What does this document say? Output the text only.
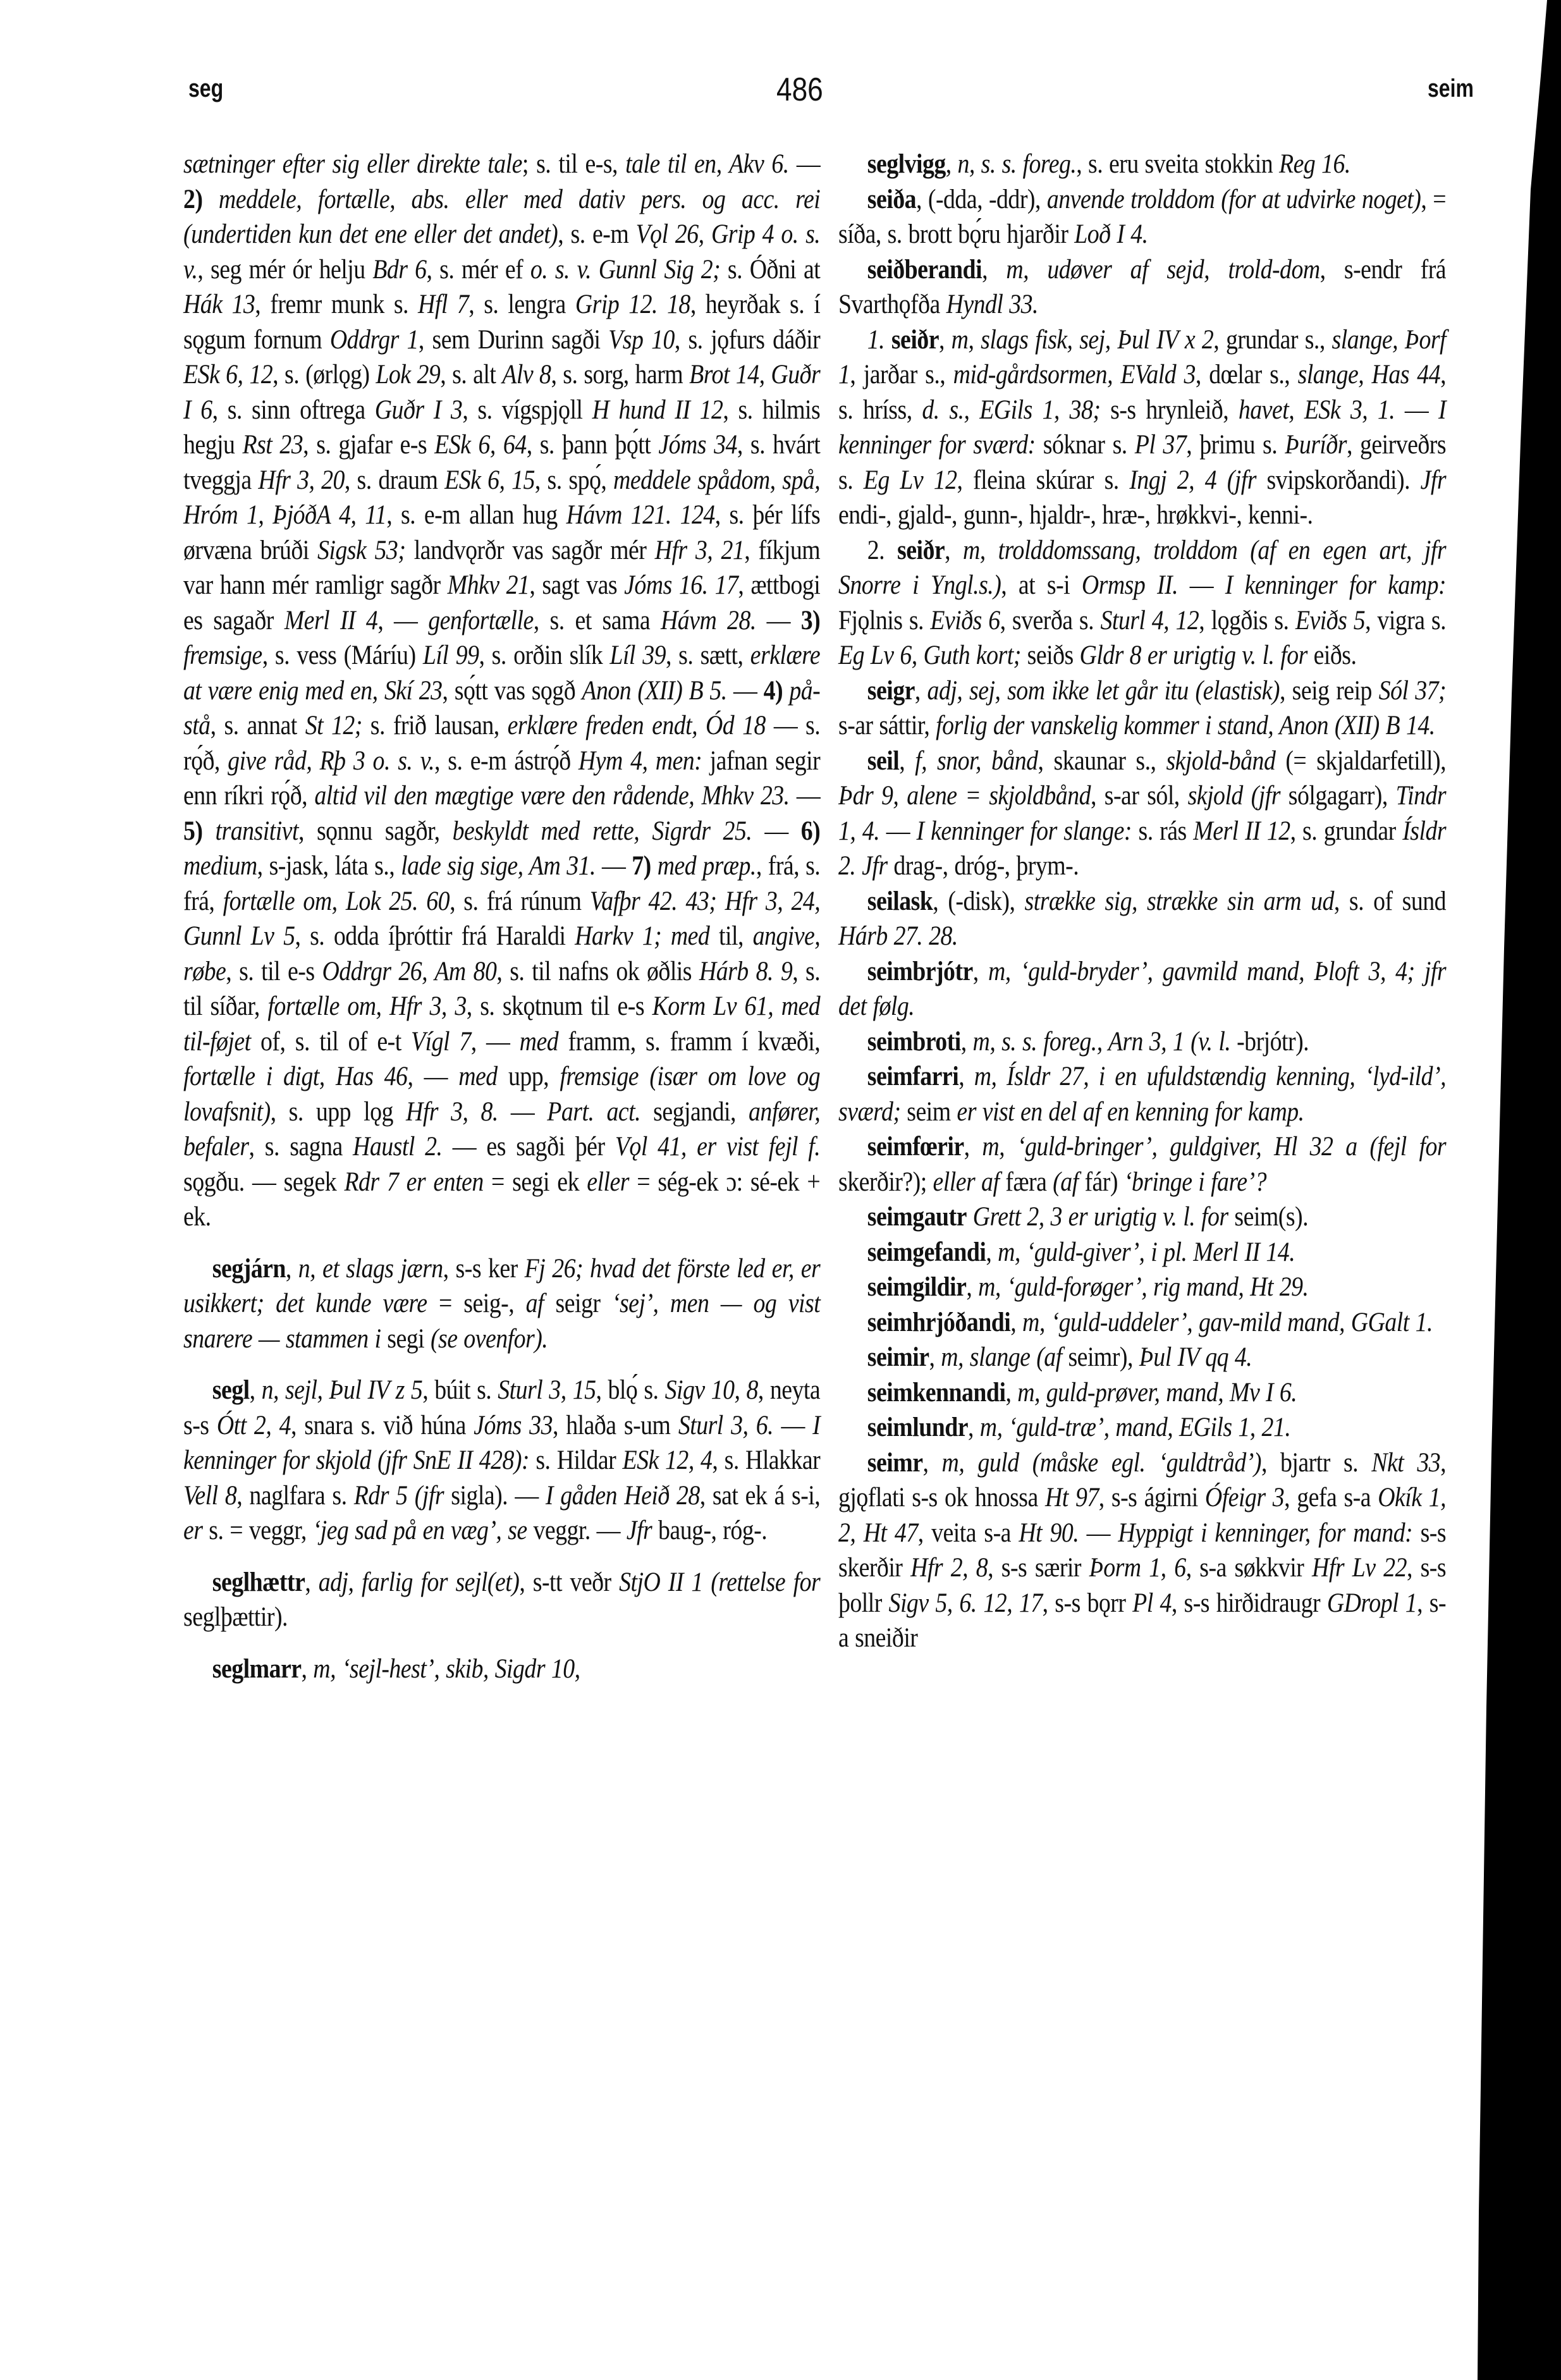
seg	486	seim

sætninger efter sig eller direkte tale; s. til e-s, tale til en, Akv 6. — 2) meddele, fortælle, abs. eller med dativ pers. og acc. rei (undertiden kun det ene eller det andet), s. e-m Vǫl 26, Grip 4 o. s. v., seg mér ór helju Bdr 6, s. mér ef o. s. v. Gunnl Sig 2; s. Óðni at Hák 13, fremr munk s. Hfl 7, s. lengra Grip 12. 18, heyrðak s. í sǫgum fornum Oddrgr 1, sem Durinn sagði Vsp 10, s. jǫfurs dáðir ESk 6, 12, s. (ørlǫg) Lok 29, s. alt Alv 8, s. sorg, harm Brot 14, Guðr I 6, s. sinn oftrega Guðr I 3, s. vígspjǫll H hund II 12, s. hilmis hegju Rst 23, s. gjafar e-s ESk 6, 64, s. þann þǫ́tt Jóms 34, s. hvárt tveggja Hfr 3, 20, s. draum ESk 6, 15, s. spǫ́, meddele spådom, spå, Hróm 1, ÞjóðA 4, 11, s. e-m allan hug Hávm 121. 124, s. þér lífs ørvæna brúði Sigsk 53; landvǫrðr vas sagðr mér Hfr 3, 21, fíkjum var hann mér ramligr sagðr Mhkv 21, sagt vas Jóms 16. 17, ættbogi es sagaðr Merl II 4, — genfortælle, s. et sama Hávm 28. — 3) fremsige, s. vess (Máríu) Líl 99, s. orðin slík Líl 39, s. sætt, erklære at være enig med en, Skí 23, sǫ́tt vas sǫgð Anon (XII) B 5. — 4) på-stå, s. annat St 12; s. frið lausan, erklære freden endt, Ód 18 — s. rǫ́ð, give råd, Rþ 3 o. s. v., s. e-m ástrǫ́ð Hym 4, men: jafnan segir enn ríkri rǫ́ð, altid vil den mægtige være den rådende, Mhkv 23. — 5) transitivt, sǫnnu sagðr, beskyldt med rette, Sigrdr 25. — 6) medium, s-jask, láta s., lade sig sige, Am 31. — 7) med præp., frá, s. frá, fortælle om, Lok 25. 60, s. frá rúnum Vafþr 42. 43; Hfr 3, 24, Gunnl Lv 5, s. odda íþróttir frá Haraldi Harkv 1; med til, angive, røbe, s. til e-s Oddrgr 26, Am 80, s. til nafns ok øðlis Hárb 8. 9, s. til síðar, fortælle om, Hfr 3, 3, s. skǫtnum til e-s Korm Lv 61, med til-føjet of, s. til of e-t Vígl 7, — med framm, s. framm í kvæði, fortælle i digt, Has 46, — med upp, fremsige (især om love og lovafsnit), s. upp lǫg Hfr 3, 8. — Part. act. segjandi, anfører, befaler, s. sagna Haustl 2. — es sagði þér Vǫl 41, er vist fejl f. sǫgðu. — segek Rdr 7 er enten = segi ek eller = ség-ek ɔ: sé-ek + ek.

segjárn, n, et slags jærn, s-s ker Fj 26; hvad det förste led er, er usikkert; det kunde være = seig-, af seigr ‘sej’, men — og vist snarere — stammen i segi (se ovenfor).

segl, n, sejl, Þul IV z 5, búit s. Sturl 3, 15, blǫ́ s. Sigv 10, 8, neyta s-s Ótt 2, 4, snara s. við húna Jóms 33, hlaða s-um Sturl 3, 6. — I kenninger for skjold (jfr SnE II 428): s. Hildar ESk 12, 4, s. Hlakkar Vell 8, naglfara s. Rdr 5 (jfr sigla). — I gåden Heið 28, sat ek á s-i, er s. = veggr, ‘jeg sad på en væg’, se veggr. — Jfr baug-, róg-.

seglhættr, adj, farlig for sejl(et), s-tt veðr StjO II 1 (rettelse for seglþættir).

seglmarr, m, ‘sejl-hest’, skib, Sigdr 10,

seglvigg, n, s. s. foreg., s. eru sveita stokkin Reg 16.

seiða, (-dda, -ddr), anvende trolddom (for at udvirke noget), = síða, s. brott bǫ́ru hjarðir Loð I 4.

seiðberandi, m, udøver af sejd, trold-dom, s-endr frá Svarthǫfða Hyndl 33.

1. seiðr, m, slags fisk, sej, Þul IV x 2, grundar s., slange, Þorf 1, jarðar s., mid-gårdsormen, EVald 3, dœlar s., slange, Has 44, s. hríss, d. s., EGils 1, 38; s-s hrynleið, havet, ESk 3, 1. — I kenninger for sværd: sóknar s. Pl 37, þrimu s. Þuríðr, geirveðrs s. Eg Lv 12, fleina skúrar s. Ingj 2, 4 (jfr svipskorðandi). Jfr endi-, gjald-, gunn-, hjaldr-, hræ-, hrøkkvi-, kenni-.

2. seiðr, m, trolddomssang, trolddom (af en egen art, jfr Snorre i Yngl.s.), at s-i Ormsp II. — I kenninger for kamp: Fjǫlnis s. Eviðs 6, sverða s. Sturl 4, 12, lǫgðis s. Eviðs 5, vigra s. Eg Lv 6, Guth kort; seiðs Gldr 8 er urigtig v. l. for eiðs.

seigr, adj, sej, som ikke let går itu (elastisk), seig reip Sól 37; s-ar sáttir, forlig der vanskelig kommer i stand, Anon (XII) B 14.

seil, f, snor, bånd, skaunar s., skjold-bånd (= skjaldarfetill), Þdr 9, alene = skjoldbånd, s-ar sól, skjold (jfr sólgagarr), Tindr 1, 4. — I kenninger for slange: s. rás Merl II 12, s. grundar Ísldr 2. Jfr drag-, dróg-, þrym-.

seilask, (-disk), strække sig, strække sin arm ud, s. of sund Hárb 27. 28.

seimbrjótr, m, ‘guld-bryder’, gavmild mand, Þloft 3, 4; jfr det følg.

seimbroti, m, s. s. foreg., Arn 3, 1 (v. l. -brjótr).

seimfarri, m, Ísldr 27, i en ufuldstændig kenning, ‘lyd-ild’, sværd; seim er vist en del af en kenning for kamp.

seimfœrir, m, ‘guld-bringer’, guldgiver, Hl 32 a (fejl for skerðir?); eller af færa (af fár) ‘bringe i fare’?

seimgautr Grett 2, 3 er urigtig v. l. for seim(s).

seimgefandi, m, ‘guld-giver’, i pl. Merl II 14.

seimgildir, m, ‘guld-forøger’, rig mand, Ht 29.

seimhrjóðandi, m, ‘guld-uddeler’, gav-mild mand, GGalt 1.

seimir, m, slange (af seimr), Þul IV qq 4.

seimkennandi, m, guld-prøver, mand, Mv I 6.

seimlundr, m, ‘guld-træ’, mand, EGils 1, 21.

seimr, m, guld (måske egl. ‘guldtråd’), bjartr s. Nkt 33, gjǫflati s-s ok hnossa Ht 97, s-s ágirni Ófeigr 3, gefa s-a Okík 1, 2, Ht 47, veita s-a Ht 90. — Hyppigt i kenninger, for mand: s-s skerðir Hfr 2, 8, s-s særir Þorm 1, 6, s-a søkkvir Hfr Lv 22, s-s þollr Sigv 5, 6. 12, 17, s-s bǫrr Pl 4, s-s hirðidraugr GDropl 1, s-a sneiðir
